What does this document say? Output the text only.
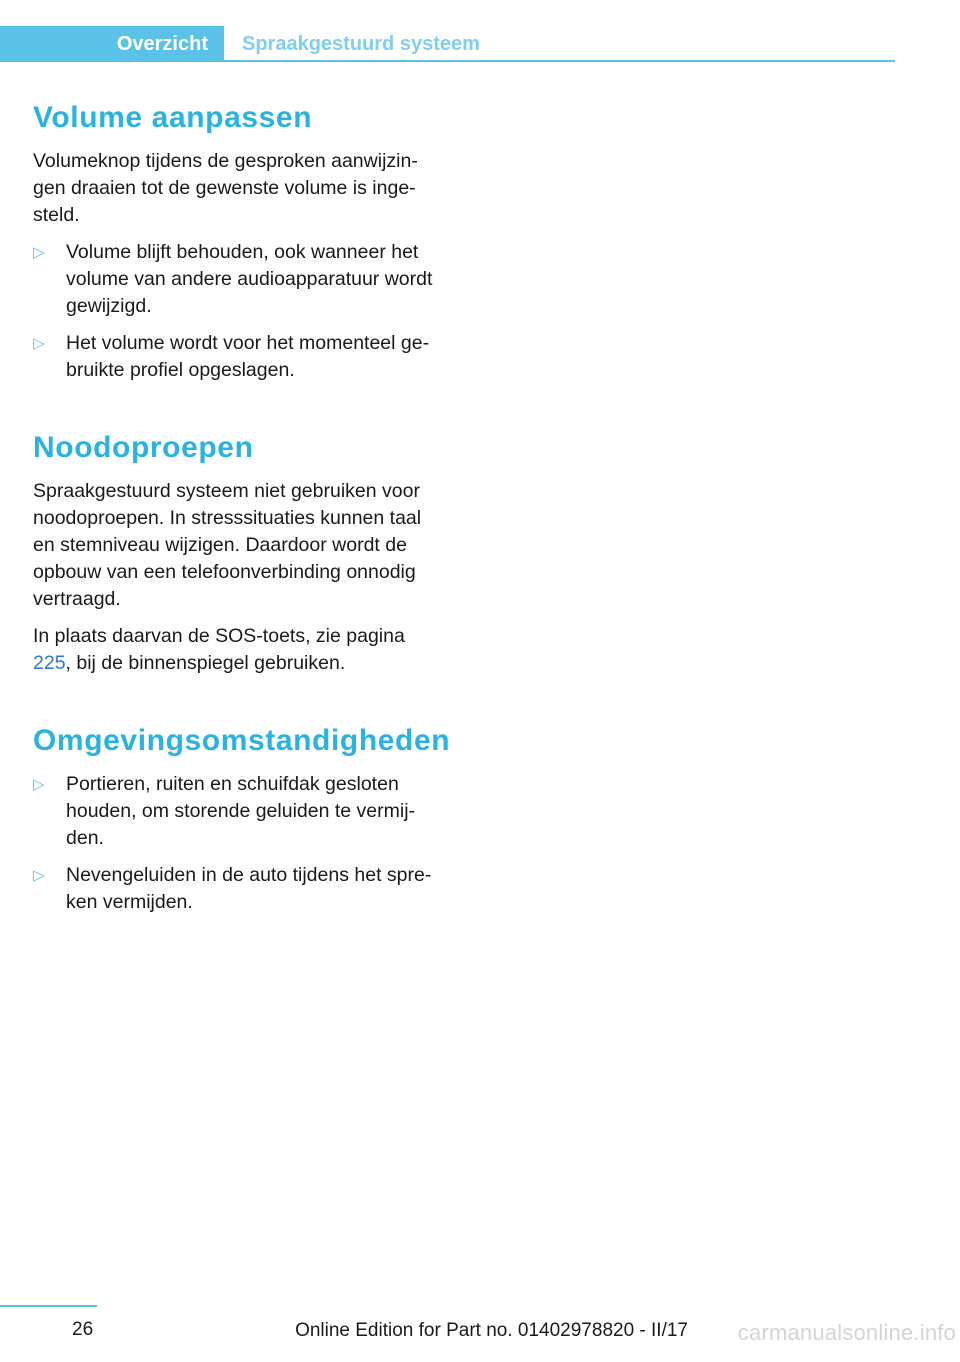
Overzicht	Spraakgestuurd systeem
Volume aanpassen

Volumeknop tijdens de gesproken aanwijzingen draaien tot de gewenste volume is ingesteld.

▷ Volume blijft behouden, ook wanneer het volume van andere audioapparatuur wordt gewijzigd.
▷ Het volume wordt voor het momenteel gebruikte profiel opgeslagen.
Noodoproepen

Spraakgestuurd systeem niet gebruiken voor noodoproepen. In stresssituaties kunnen taal en stemniveau wijzigen. Daardoor wordt de opbouw van een telefoonverbinding onnodig vertraagd.

In plaats daarvan de SOS-toets, zie pagina 225, bij de binnenspiegel gebruiken.

Omgevingsomstandigheden
▷ Portieren, ruiten en schuifdak gesloten houden, om storende geluiden te vermijden.
▷ Nevengeluiden in de auto tijdens het spreken vermijden.
26	Online Edition for Part no. 01402978820 - II/17 carmanualsonline.info
